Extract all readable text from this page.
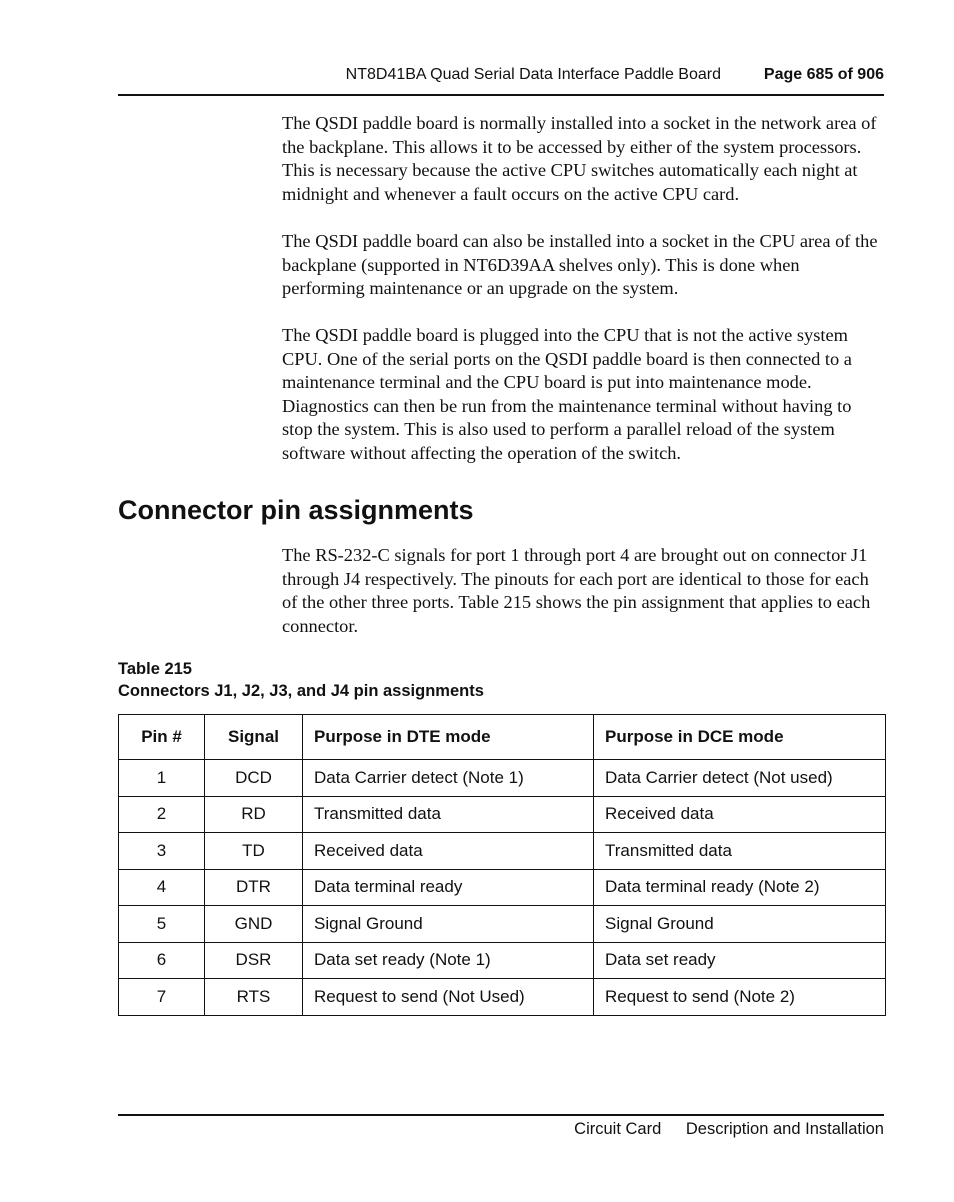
NT8D41BA Quad Serial Data Interface Paddle Board	Page 685 of 906

The QSDI paddle board is normally installed into a socket in the network area of the backplane. This allows it to be accessed by either of the system processors. This is necessary because the active CPU switches automatically each night at midnight and whenever a fault occurs on the active CPU card.

The QSDI paddle board can also be installed into a socket in the CPU area of the backplane (supported in NT6D39AA shelves only). This is done when performing maintenance or an upgrade on the system.

The QSDI paddle board is plugged into the CPU that is not the active system CPU. One of the serial ports on the QSDI paddle board is then connected to a maintenance terminal and the CPU board is put into maintenance mode. Diagnostics can then be run from the maintenance terminal without having to stop the system. This is also used to perform a parallel reload of the system software without affecting the operation of the switch.

Connector pin assignments

The RS-232-C signals for port 1 through port 4 are brought out on connector J1 through J4 respectively. The pinouts for each port are identical to those for each of the other three ports. Table 215 shows the pin assignment that applies to each connector.

Table 215
Connectors J1, J2, J3, and J4 pin assignments
Pin #	Signal	Purpose in DTE mode	Purpose in DCE mode
1	DCD	Data Carrier detect (Note 1)	Data Carrier detect (Not used)
2	RD	Transmitted data	Received data
3	TD	Received data	Transmitted data
4	DTR	Data terminal ready	Data terminal ready (Note 2)
5	GND	Signal Ground	Signal Ground
6	DSR	Data set ready (Note 1)	Data set ready
7	RTS	Request to send (Not Used)	Request to send (Note 2)
Circuit Card Description and Installation
